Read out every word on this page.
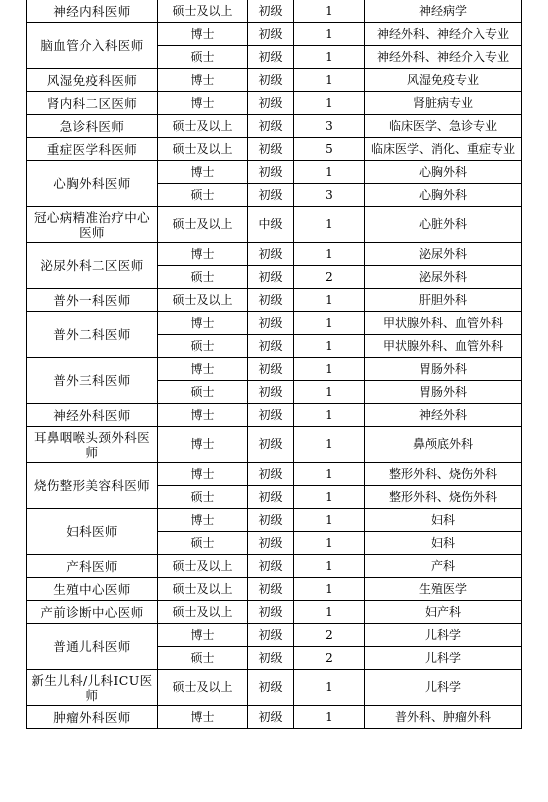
神经内科医师	硕士及以上	初级	1	神经病学
脑血管介入科医师	博士	初级	1	神经外科、神经介入专业
	硕士	初级	1	神经外科、神经介入专业
风湿免疫科医师	博士	初级	1	风湿免疫专业
肾内科二区医师	博士	初级	1	肾脏病专业
急诊科医师	硕士及以上	初级	3	临床医学、急诊专业
重症医学科医师	硕士及以上	初级	5	临床医学、消化、重症专业
心胸外科医师	博士	初级	1	心胸外科
	硕士	初级	3	心胸外科
冠心病精准治疗中心医师	硕士及以上	中级	1	心脏外科
泌尿外科二区医师	博士	初级	1	泌尿外科
	硕士	初级	2	泌尿外科
普外一科医师	硕士及以上	初级	1	肝胆外科
普外二科医师	博士	初级	1	甲状腺外科、血管外科
	硕士	初级	1	甲状腺外科、血管外科
普外三科医师	博士	初级	1	胃肠外科
	硕士	初级	1	胃肠外科
神经外科医师	博士	初级	1	神经外科
耳鼻咽喉头颈外科医师	博士	初级	1	鼻颅底外科
烧伤整形美容科医师	博士	初级	1	整形外科、烧伤外科
	硕士	初级	1	整形外科、烧伤外科
妇科医师	博士	初级	1	妇科
	硕士	初级	1	妇科
产科医师	硕士及以上	初级	1	产科
生殖中心医师	硕士及以上	初级	1	生殖医学
产前诊断中心医师	硕士及以上	初级	1	妇产科
普通儿科医师	博士	初级	2	儿科学
	硕士	初级	2	儿科学
新生儿科/儿科ICU医师	硕士及以上	初级	1	儿科学
肿瘤外科医师	博士	初级	1	普外科、肿瘤外科
